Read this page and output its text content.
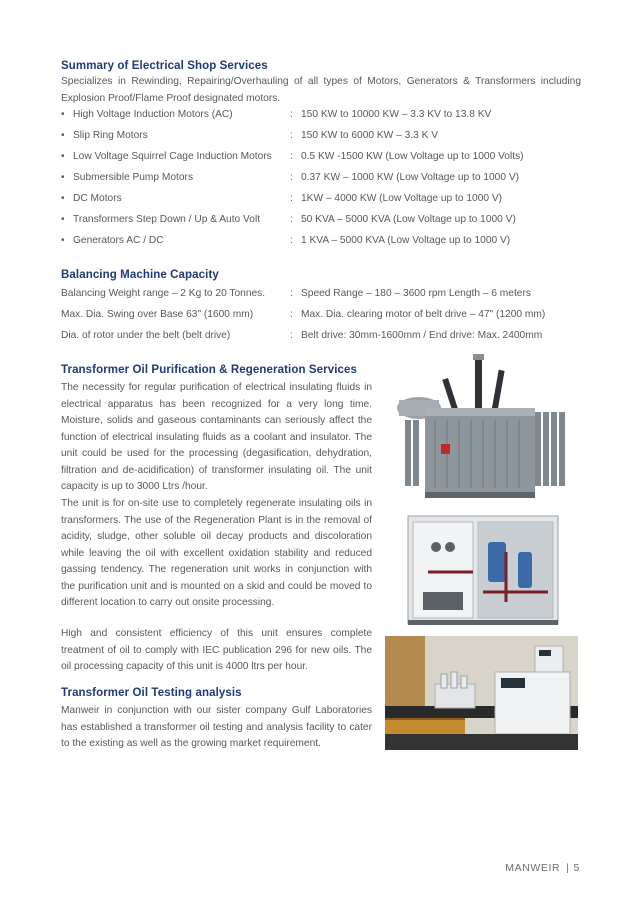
Summary of Electrical Shop Services
Specializes in Rewinding, Repairing/Overhauling of all types of Motors, Generators & Transformers including Explosion Proof/Flame Proof designated motors.
• High Voltage Induction Motors (AC)	: 150 KW to 10000 KW – 3.3 KV to 13.8 KV
• Slip Ring Motors	: 150 KW to 6000 KW – 3.3 K V
• Low Voltage Squirrel Cage Induction Motors : 0.5 KW -1500 KW (Low Voltage up to 1000 Volts)
• Submersible Pump Motors	: 0.37 KW – 1000 KW (Low Voltage up to 1000 V)
• DC Motors	: 1KW – 4000 KW (Low Voltage up to 1000 V)
• Transformers Step Down / Up & Auto Volt	: 50 KVA – 5000 KVA (Low Voltage up to 1000 V)
• Generators AC / DC	: 1 KVA – 5000 KVA (Low Voltage up to 1000 V)
Balancing Machine Capacity
Balancing Weight range – 2 Kg to 20 Tonnes. : Speed Range – 180 – 3600 rpm Length – 6 meters
Max. Dia. Swing over Base 63" (1600 mm)	: Max. Dia. clearing motor of belt drive – 47" (1200 mm)
Dia. of rotor under the belt (belt drive)	: Belt drive: 30mm-1600mm / End drive: Max. 2400mm
Transformer Oil Purification & Regeneration Services
The necessity for regular purification of electrical insulating fluids in electrical apparatus has been recognized for a very long time. Moisture, solids and gaseous contaminants can seriously affect the function of electrical insulating fluids as a coolant and insulator. The unit could be used for the processing (degasification, dehydration, filtration and de-acidification) of transformer insulating oil. The unit capacity is up to 3000 Ltrs /hour.
The unit is for on-site use to completely regenerate insulating oils in transformers. The use of the Regeneration Plant is in the removal of acidity, sludge, other soluble oil decay products and discoloration while leaving the oil with excellent oxidation stability and reduced gassing tendency. The regeneration unit works in conjunction with the purification unit and is mounted on a skid and could be moved to different location to carry out onsite processing.
High and consistent efficiency of this unit ensures complete treatment of oil to comply with IEC publication 296 for new oils. The oil processing capacity of this unit is 4000 ltrs per hour.
Transformer Oil Testing analysis
Manweir in conjunction with our sister company Gulf Laboratories has established a transformer oil testing and analysis facility to cater to the existing as well as the growing market requirement.
MANWEIR | 5
